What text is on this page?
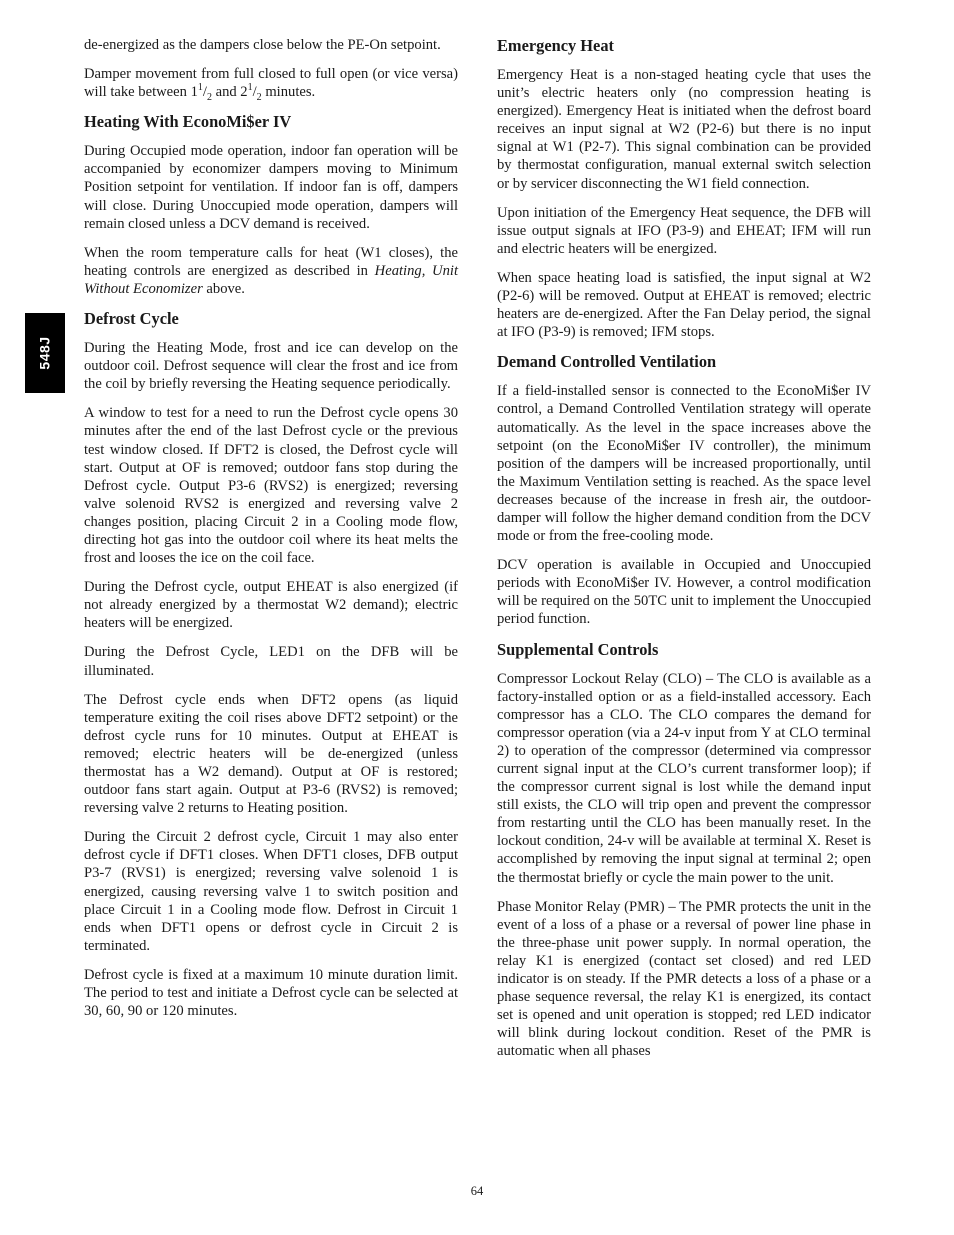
548J

de-energized as the dampers close below the PE-On setpoint.

Damper movement from full closed to full open (or vice versa) will take between $1^1/_2$ and $2^1/_2$ minutes.

Heating With EconoMi$er IV

During Occupied mode operation, indoor fan operation will be accompanied by economizer dampers moving to Minimum Position setpoint for ventilation. If indoor fan is off, dampers will close. During Unoccupied mode operation, dampers will remain closed unless a DCV demand is received.

When the room temperature calls for heat (W1 closes), the heating controls are energized as described in Heating, Unit Without Economizer above.

Defrost Cycle

During the Heating Mode, frost and ice can develop on the outdoor coil. Defrost sequence will clear the frost and ice from the coil by briefly reversing the Heating sequence periodically.

A window to test for a need to run the Defrost cycle opens 30 minutes after the end of the last Defrost cycle or the previous test window closed. If DFT2 is closed, the Defrost cycle will start. Output at OF is removed; outdoor fans stop during the Defrost cycle. Output P3-6 (RVS2) is energized; reversing valve solenoid RVS2 is energized and reversing valve 2 changes position, placing Circuit 2 in a Cooling mode flow, directing hot gas into the outdoor coil where its heat melts the frost and looses the ice on the coil face.

During the Defrost cycle, output EHEAT is also energized (if not already energized by a thermostat W2 demand); electric heaters will be energized.

During the Defrost Cycle, LED1 on the DFB will be illuminated.

The Defrost cycle ends when DFT2 opens (as liquid temperature exiting the coil rises above DFT2 setpoint) or the defrost cycle runs for 10 minutes. Output at EHEAT is removed; electric heaters will be de-energized (unless thermostat has a W2 demand). Output at OF is restored; outdoor fans start again. Output at P3-6 (RVS2) is removed; reversing valve 2 returns to Heating position.

During the Circuit 2 defrost cycle, Circuit 1 may also enter defrost cycle if DFT1 closes. When DFT1 closes, DFB output P3-7 (RVS1) is energized; reversing valve solenoid 1 is energized, causing reversing valve 1 to switch position and place Circuit 1 in a Cooling mode flow. Defrost in Circuit 1 ends when DFT1 opens or defrost cycle in Circuit 2 is terminated.

Defrost cycle is fixed at a maximum 10 minute duration limit. The period to test and initiate a Defrost cycle can be selected at 30, 60, 90 or 120 minutes.

Emergency Heat

Emergency Heat is a non-staged heating cycle that uses the unit’s electric heaters only (no compression heating is energized). Emergency Heat is initiated when the defrost board receives an input signal at W2 (P2-6) but there is no input signal at W1 (P2-7). This signal combination can be provided by thermostat configuration, manual external switch selection or by servicer disconnecting the W1 field connection.

Upon initiation of the Emergency Heat sequence, the DFB will issue output signals at IFO (P3-9) and EHEAT; IFM will run and electric heaters will be energized.

When space heating load is satisfied, the input signal at W2 (P2-6) will be removed. Output at EHEAT is removed; electric heaters are de-energized. After the Fan Delay period, the signal at IFO (P3-9) is removed; IFM stops.

Demand Controlled Ventilation

If a field-installed sensor is connected to the EconoMi$er IV control, a Demand Controlled Ventilation strategy will operate automatically. As the level in the space increases above the setpoint (on the EconoMi$er IV controller), the minimum position of the dampers will be increased proportionally, until the Maximum Ventilation setting is reached. As the space level decreases because of the increase in fresh air, the outdoor-damper will follow the higher demand condition from the DCV mode or from the free-cooling mode.

DCV operation is available in Occupied and Unoccupied periods with EconoMi$er IV. However, a control modification will be required on the 50TC unit to implement the Unoccupied period function.

Supplemental Controls

Compressor Lockout Relay (CLO) – The CLO is available as a factory-installed option or as a field-installed accessory. Each compressor has a CLO. The CLO compares the demand for compressor operation (via a 24-v input from Y at CLO terminal 2) to operation of the compressor (determined via compressor current signal input at the CLO’s current transformer loop); if the compressor current signal is lost while the demand input still exists, the CLO will trip open and prevent the compressor from restarting until the CLO has been manually reset. In the lockout condition, 24-v will be available at terminal X. Reset is accomplished by removing the input signal at terminal 2; open the thermostat briefly or cycle the main power to the unit.

Phase Monitor Relay (PMR) – The PMR protects the unit in the event of a loss of a phase or a reversal of power line phase in the three-phase unit power supply. In normal operation, the relay K1 is energized (contact set closed) and red LED indicator is on steady. If the PMR detects a loss of a phase or a phase sequence reversal, the relay K1 is energized, its contact set is opened and unit operation is stopped; red LED indicator will blink during lockout condition. Reset of the PMR is automatic when all phases

64
